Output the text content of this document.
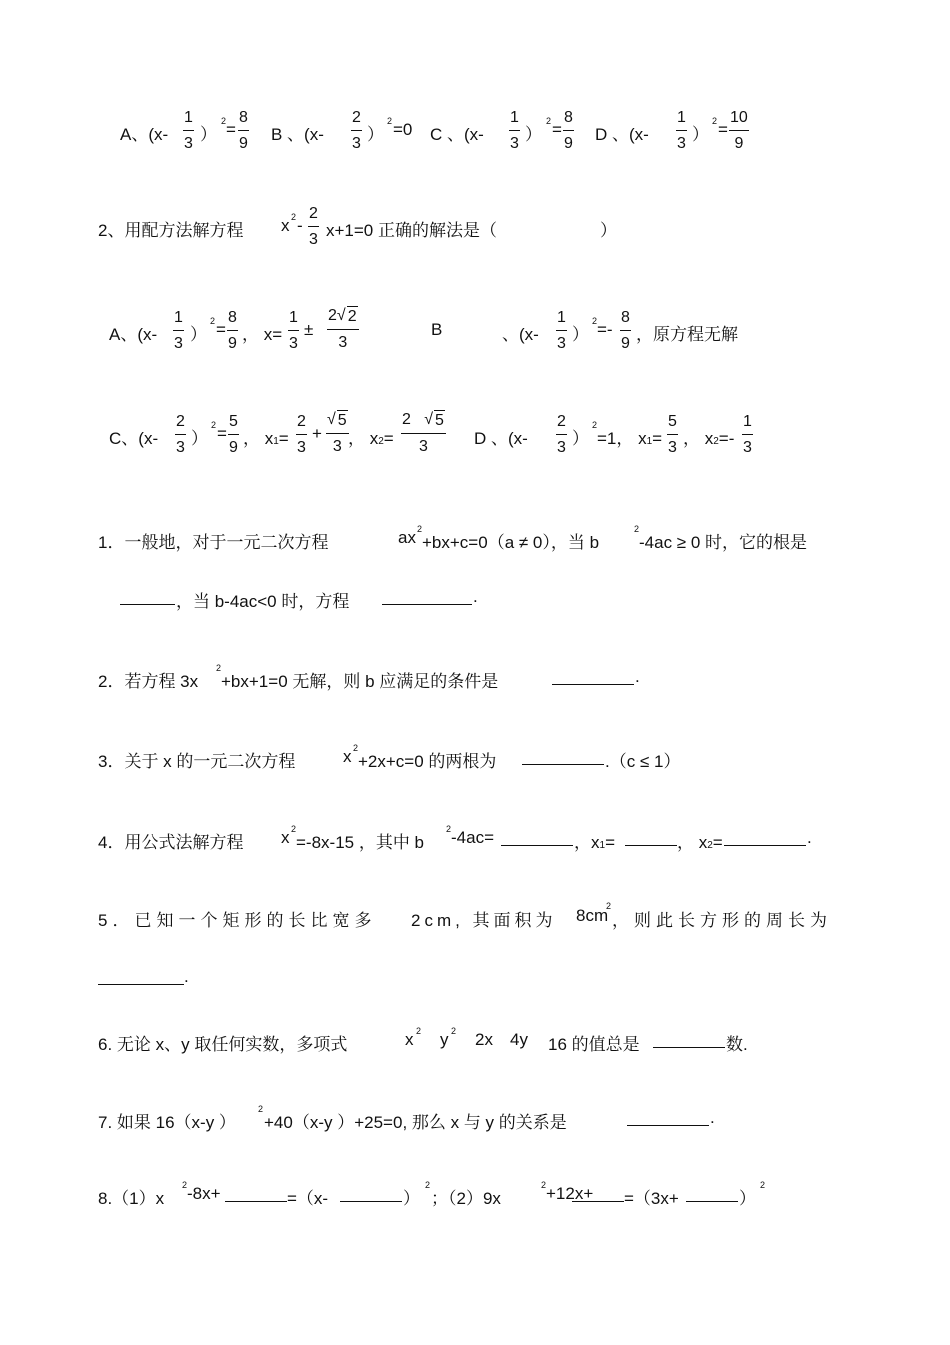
A、($x- \frac{1}{3}$ ）
$2 = \frac{8}{9}$ B 、($x- \frac{2}{3}$ ）
2 =0 C 、($x- \frac{1}{3}$ ）
$2 = \frac{8}{9}$ D 、($x- \frac{1}{3}$ ）
$2 = \frac{10}{9}$
2、用配方法解方程 x $2 - \frac{2}{3} x+1=0$ 正确的解法是（	）
A、($x- \frac{1}{3}$ ）
$2 = \frac{8}{9}$ ， $x= \frac{1}{3} \pm \frac{2√ 2}{3}$	B	、($x- \frac{1}{3}$ ）
$2 =- \frac{8}{9}$ ，原方程无解
C、($x- \frac{2}{3}$ ）
$2 = \frac{5}{9}$ ， $x1= \frac{2}{3} + \frac{√ 5}{3}$ ， $x2= \frac{2 √ 5}{3}$ D 、($x- \frac{2}{3}$ ）
2
=1， $x1= \frac{5}{3}$ ， $x2=- \frac{1}{3}$
1．一般地，对于一元二次方程	ax 2
+bx+c=0（a ≠ 0），当 b
2
-4ac ≥ 0 时，它的根是
，当 b-4ac<0 时，方程	.
2．若方程 3x
2
+bx+1=0 无解，则 b 应满足的条件是	.
3．关于 x 的一元二次方程	x 2
+2x+c=0 的两根为	.（c ≤ 1）
4．用公式法解方程 x 2
=-8x-15 ，其中 b
2 -4ac=	，x1=	， x2=	.
5．已知一个矩形的长比宽多 2cm, 其面积为 8cm
2
，则此长方形的周长为
.
6. 无论 x、y 取任何实数，多项式	x 2 y 2 2x 4y 16 的值总是	数.
7. 如果 16（x-y ）
2
+40（x-y ）+25=0, 那么 x 与 y 的关系是	.
8.（1）x
2 -8x+	=（x-	）
2
；（2）9x
2 +12x+ =（3x+	）
2
